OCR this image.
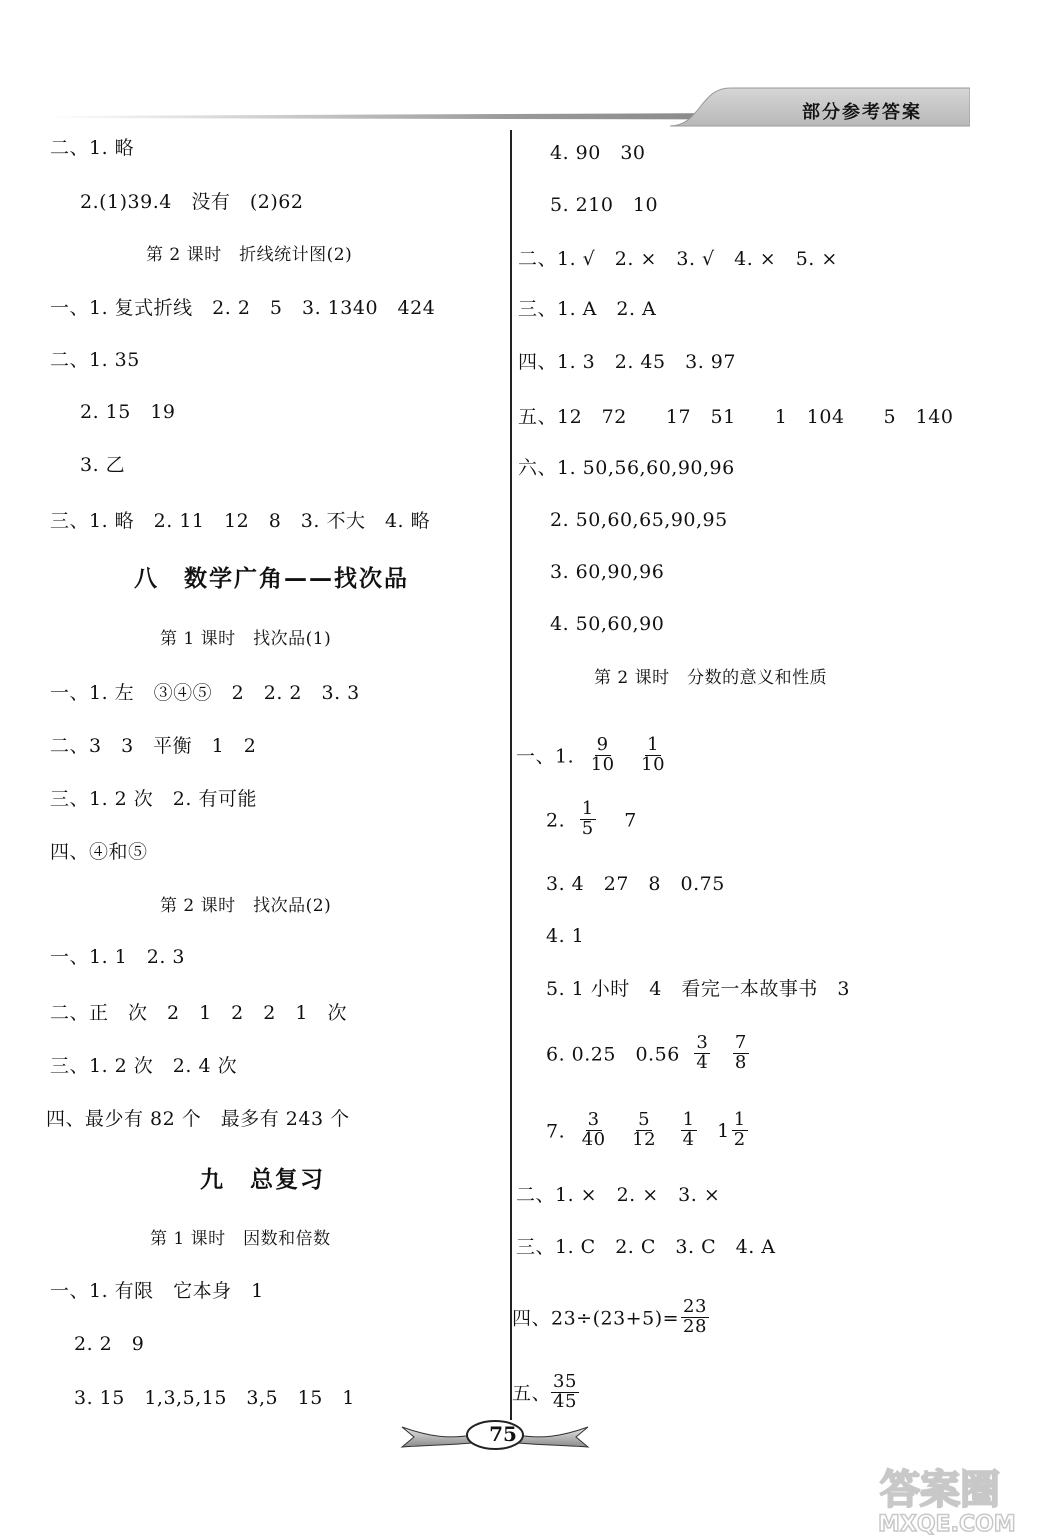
部分参考答案
二、1. 略
2.(1)39.4　没有　(2)62
第 2 课时　折线统计图(2)
一、1. 复式折线　2. 2　5　3. 1340　424
二、1. 35
2. 15　19
3. 乙
三、1. 略　2. 11　12　8　3. 不大　4. 略
八　数学广角——找次品
第 1 课时　找次品(1)
一、1. 左　③④⑤　2　2. 2　3. 3
二、3　3　平衡　1　2
三、1. 2 次　2. 有可能
四、④和⑤
第 2 课时　找次品(2)
一、1. 1　2. 3
二、正　次　2　1　2　2　1　次
三、1. 2 次　2. 4 次
四、最少有 82 个　最多有 243 个
九　总复习
第 1 课时　因数和倍数
一、1. 有限　它本身　1
2. 2　9
3. 15　1,3,5,15　3,5　15　1
4. 90　30
5. 210　10
二、1. √　2. ×　3. √　4. ×　5. ×
三、1. A　2. A
四、1. 3　2. 45　3. 97
五、12　72　　17　51　　1　104　　5　140
六、1. 50,56,60,90,96
2. 50,60,65,90,95
3. 60,90,96
4. 50,60,90
第 2 课时　分数的意义和性质
一、1. $\frac{9}{10}$
$\frac{1}{10}$
2. $\frac{1}{5} 7$
3. 4　27　8　0.75
4. 1
5. 1 小时　4　看完一本故事书　3
6. 0.25　$0.56 \frac{3}{4}$
$\frac{7}{8}$
7. $\frac{3}{40}$
$\frac{5}{12}$
$\frac{1}{4} 1 \frac{1}{2}$
二、1. ×　2. ×　3. ×
三、1. C　2. C　3. C　4. A
四、$23\div(23+5)= \frac{23}{28}$
五、 $\frac{35}{45}$
75
答案圈
MXQE.COM
